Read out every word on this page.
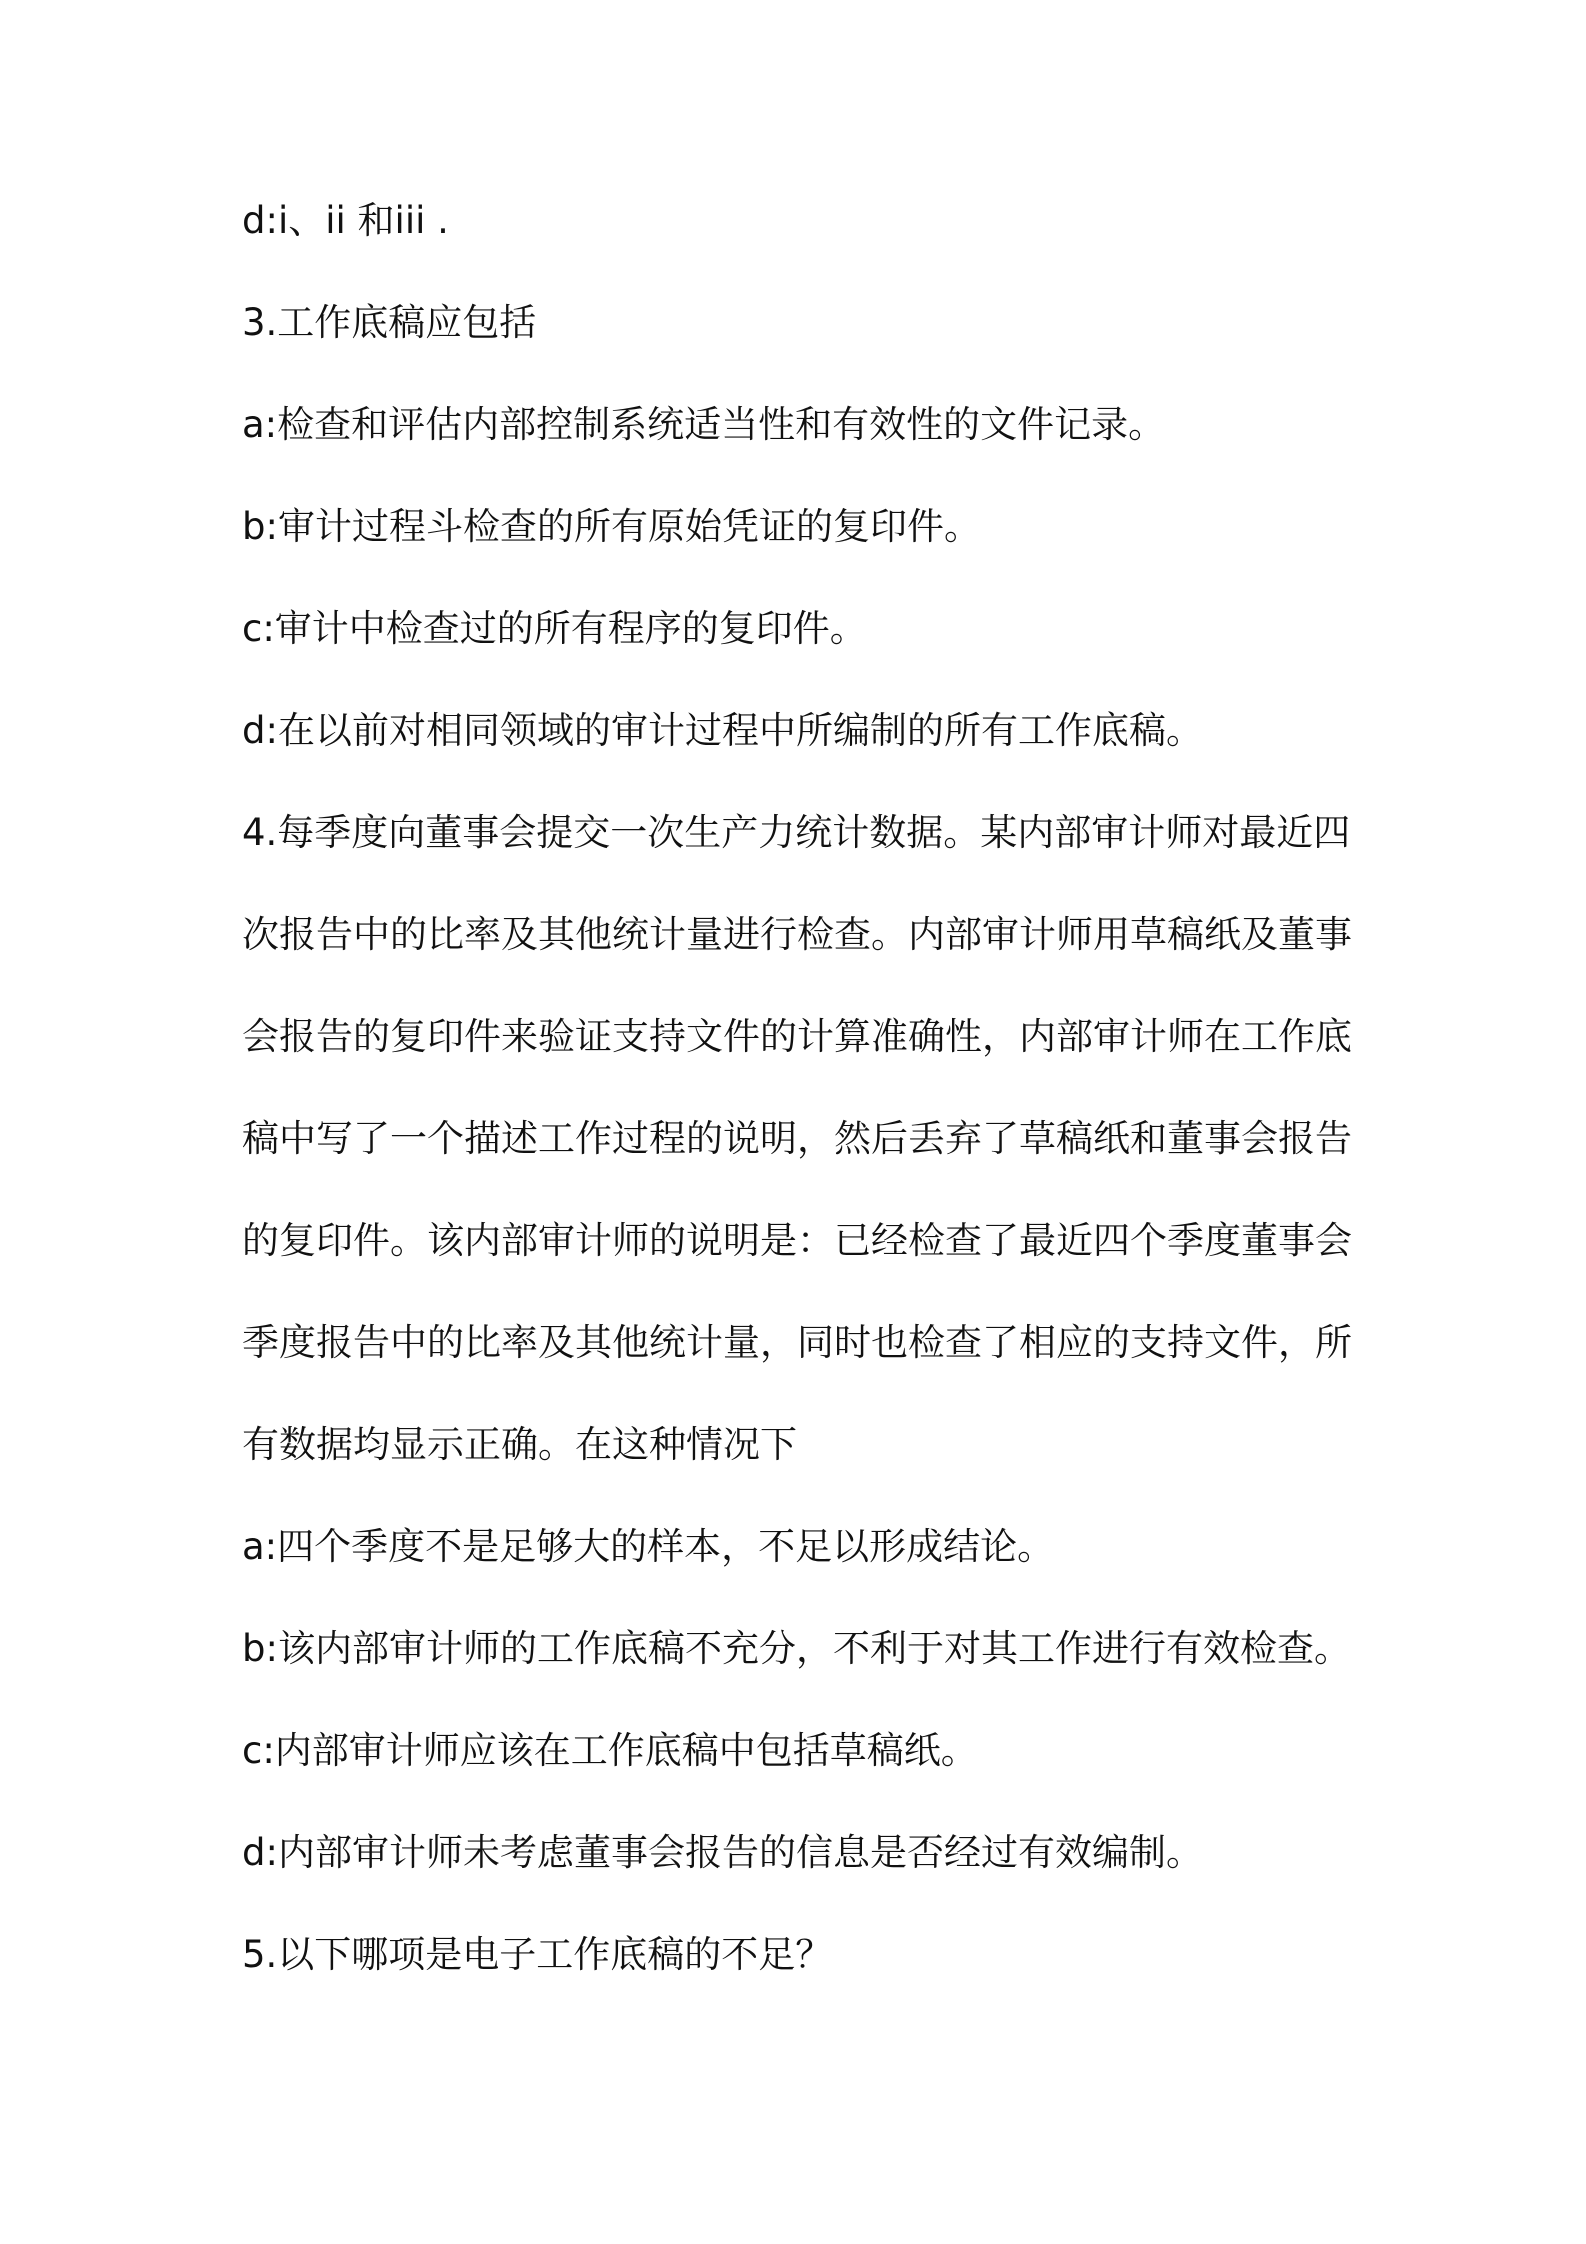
d:i、ii 和iii .

3.工作底稿应包括

a:检查和评估内部控制系统适当性和有效性的文件记录。

b:审计过程斗检查的所有原始凭证的复印件。

c:审计中检查过的所有程序的复印件。

d:在以前对相同领域的审计过程中所编制的所有工作底稿。

4.每季度向董事会提交一次生产力统计数据。某内部审计师对最近四

次报告中的比率及其他统计量进行检查。内部审计师用草稿纸及董事

会报告的复印件来验证支持文件的计算准确性，内部审计师在工作底

稿中写了一个描述工作过程的说明，然后丢弃了草稿纸和董事会报告

的复印件。该内部审计师的说明是：已经检查了最近四个季度董事会

季度报告中的比率及其他统计量，同时也检查了相应的支持文件，所

有数据均显示正确。在这种情况下

a:四个季度不是足够大的样本，不足以形成结论。

b:该内部审计师的工作底稿不充分，不利于对其工作进行有效检查。

c:内部审计师应该在工作底稿中包括草稿纸。

d:内部审计师未考虑董事会报告的信息是否经过有效编制。

5.以下哪项是电子工作底稿的不足？
